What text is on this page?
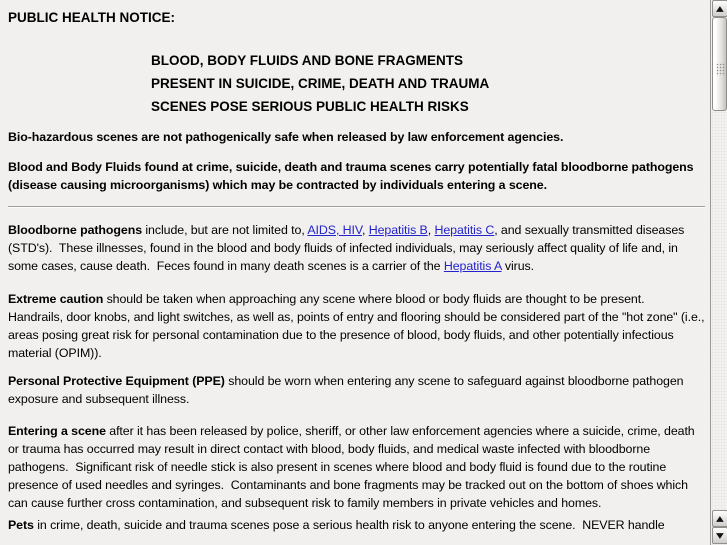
PUBLIC HEALTH NOTICE:

BLOOD, BODY FLUIDS AND BONE FRAGMENTS
PRESENT IN SUICIDE, CRIME, DEATH AND TRAUMA
SCENES POSE SERIOUS PUBLIC HEALTH RISKS

Bio-hazardous scenes are not pathogenically safe when released by law enforcement agencies.

Blood and Body Fluids found at crime, suicide, death and trauma scenes carry potentially fatal bloodborne pathogens (disease causing microorganisms) which may be contracted by individuals entering a scene.

Bloodborne pathogens include, but are not limited to, AIDS, HIV, Hepatitis B, Hepatitis C, and sexually transmitted diseases (STD's).  These illnesses, found in the blood and body fluids of infected individuals, may seriously affect quality of life and, in some cases, cause death.  Feces found in many death scenes is a carrier of the Hepatitis A virus.

Extreme caution should be taken when approaching any scene where blood or body fluids are thought to be present.  Handrails, door knobs, and light switches, as well as, points of entry and flooring should be considered part of the "hot zone" (i.e., areas posing great risk for personal contamination due to the presence of blood, body fluids, and other potentially infectious material (OPIM)).

Personal Protective Equipment (PPE) should be worn when entering any scene to safeguard against bloodborne pathogen exposure and subsequent illness.

Entering a scene after it has been released by police, sheriff, or other law enforcement agencies where a suicide, crime, death or trauma has occurred may result in direct contact with blood, body fluids, and medical waste infected with bloodborne pathogens.  Significant risk of needle stick is also present in scenes where blood and body fluid is found due to the routine presence of used needles and syringes.  Contaminants and bone fragments may be tracked out on the bottom of shoes which can cause further cross contamination, and subsequent risk to family members in private vehicles and homes.

Pets in crime, death, suicide and trauma scenes pose a serious health risk to anyone entering the scene.  NEVER handle

▲
▲
▼
